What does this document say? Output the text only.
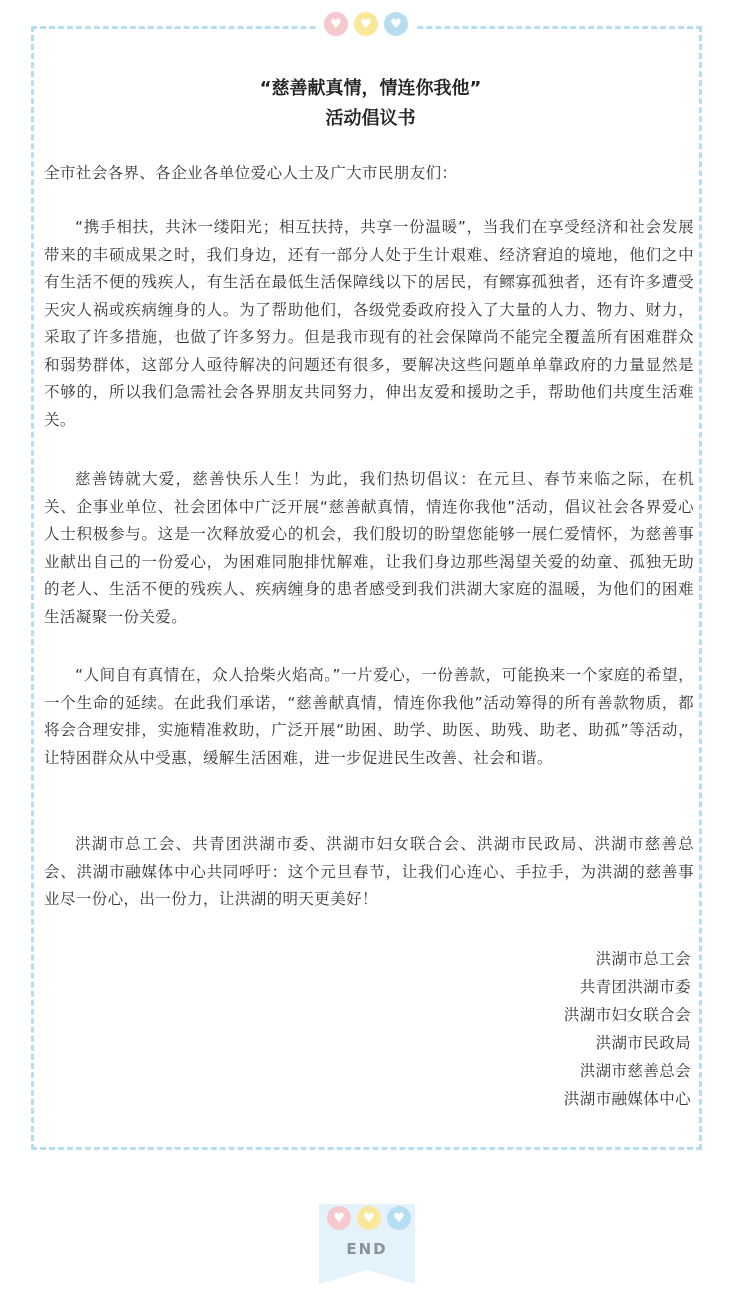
♥	♥	♥
“慈善献真情，情连你我他”
活动倡议书
全市社会各界、各企业各单位爱心人士及广大市民朋友们：
“携手相扶，共沐一缕阳光；相互扶持，共享一份温暖”，当我们在享受经济和社会发展带来的丰硕成果之时，我们身边，还有一部分人处于生计艰难、经济窘迫的境地，他们之中有生活不便的残疾人，有生活在最低生活保障线以下的居民，有鳏寡孤独者，还有许多遭受天灾人祸或疾病缠身的人。为了帮助他们，各级党委政府投入了大量的人力、物力、财力，采取了许多措施，也做了许多努力。但是我市现有的社会保障尚不能完全覆盖所有困难群众和弱势群体，这部分人亟待解决的问题还有很多，要解决这些问题单单靠政府的力量显然是不够的，所以我们急需社会各界朋友共同努力，伸出友爱和援助之手，帮助他们共度生活难关。
慈善铸就大爱，慈善快乐人生！为此，我们热切倡议：在元旦、春节来临之际，在机关、企事业单位、社会团体中广泛开展“慈善献真情，情连你我他”活动，倡议社会各界爱心人士积极参与。这是一次释放爱心的机会，我们殷切的盼望您能够一展仁爱情怀，为慈善事业献出自己的一份爱心，为困难同胞排忧解难，让我们身边那些渴望关爱的幼童、孤独无助的老人、生活不便的残疾人、疾病缠身的患者感受到我们洪湖大家庭的温暖，为他们的困难生活凝聚一份关爱。
“人间自有真情在，众人拾柴火焰高。”一片爱心，一份善款，可能换来一个家庭的希望，一个生命的延续。在此我们承诺，“慈善献真情，情连你我他”活动筹得的所有善款物质，都将会合理安排，实施精准救助，广泛开展“助困、助学、助医、助残、助老、助孤”等活动，让特困群众从中受惠，缓解生活困难，进一步促进民生改善、社会和谐。
洪湖市总工会、共青团洪湖市委、洪湖市妇女联合会、洪湖市民政局、洪湖市慈善总会、洪湖市融媒体中心共同呼吁：这个元旦春节，让我们心连心、手拉手，为洪湖的慈善事业尽一份心，出一份力，让洪湖的明天更美好！
洪湖市总工会
共青团洪湖市委
洪湖市妇女联合会
洪湖市民政局
洪湖市慈善总会
洪湖市融媒体中心
♥	♥	♥
END
